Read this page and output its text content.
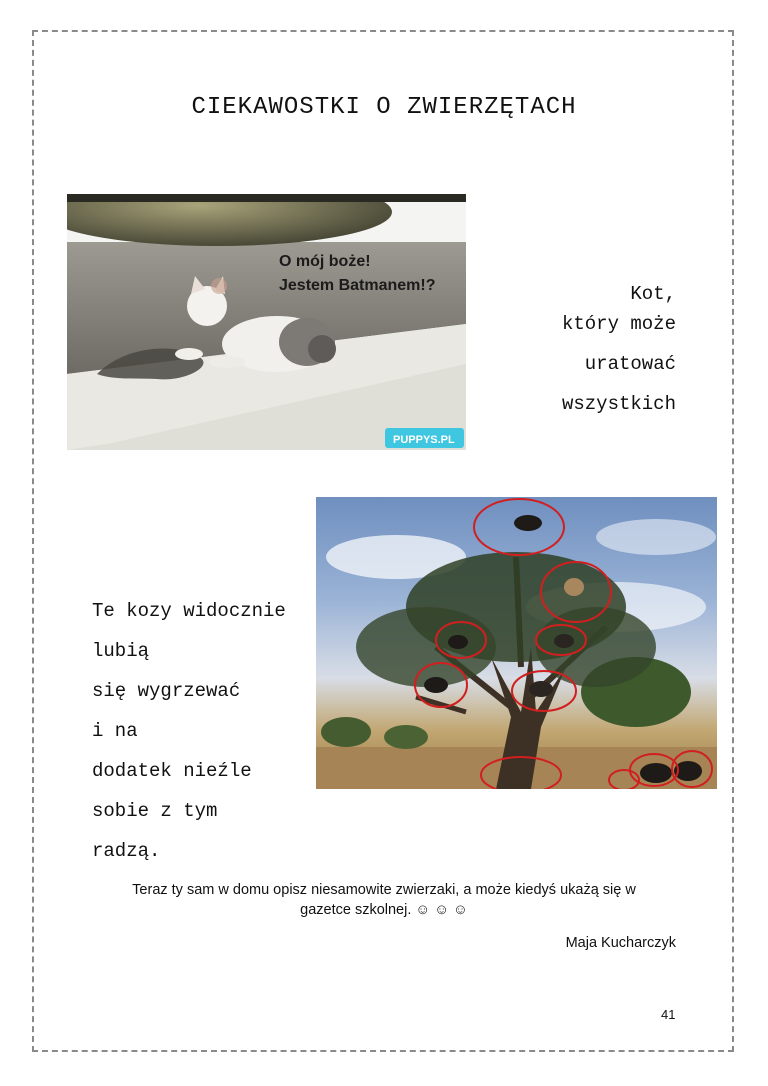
CIEKAWOSTKI O ZWIERZĘTACH
O mój boże!
Jestem Batmanem!?
PUPPYS.PL
Kot,
który może
uratować
wszystkich
Te kozy widocznie
lubią
się wygrzewać
i na
dodatek nieźle
sobie z tym
radzą.
Teraz ty sam w domu opisz niesamowite zwierzaki, a może kiedyś ukażą się w
gazetce szkolnej. ☺ ☺ ☺
Maja Kucharczyk
41
